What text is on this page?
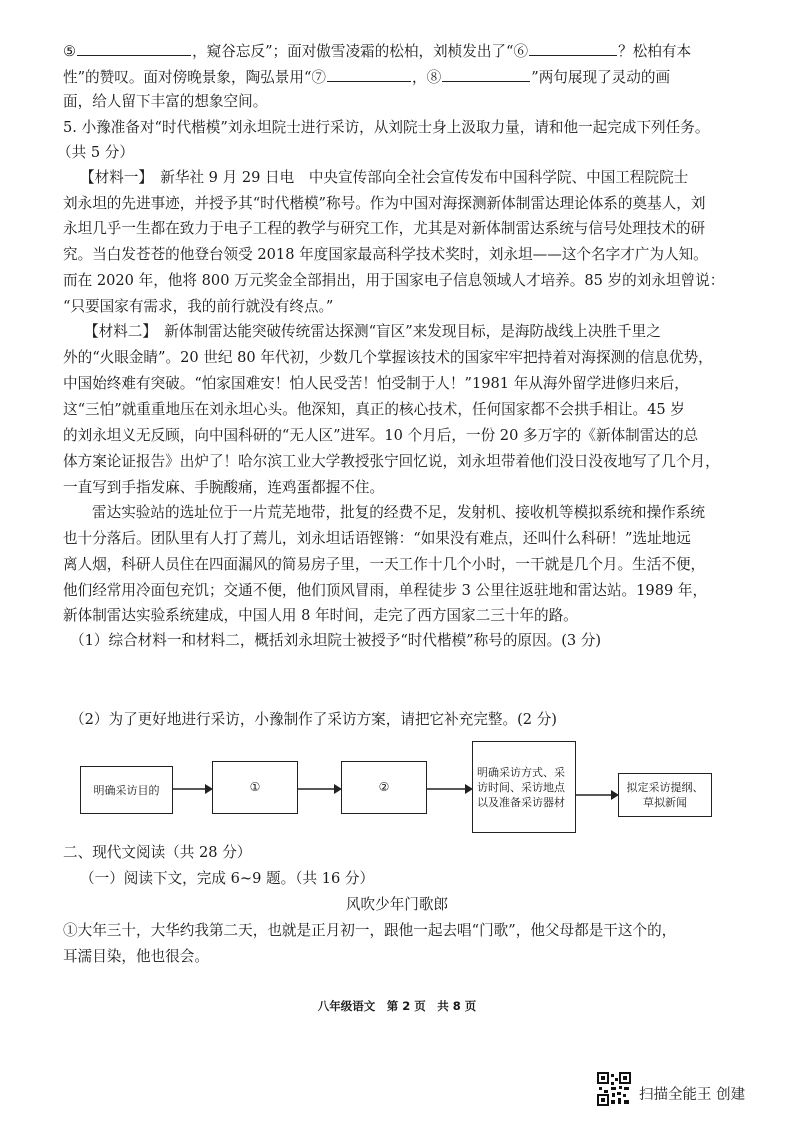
⑤	，窥谷忘反”；面对傲雪凌霜的松柏，刘桢发出了“⑥	？松柏有本
性”的赞叹。面对傍晚景象，陶弘景用“⑦	，⑧	”两句展现了灵动的画
面，给人留下丰富的想象空间。
5. 小豫准备对“时代楷模”刘永坦院士进行采访，从刘院士身上汲取力量，请和他一起完成下列任务。
（共 5 分）
【材料一】　新华社 9 月 29 日电　中央宣传部向全社会宣传发布中国科学院、中国工程院院士
刘永坦的先进事迹，并授予其“时代楷模”称号。作为中国对海探测新体制雷达理论体系的奠基人，刘
永坦几乎一生都在致力于电子工程的教学与研究工作，尤其是对新体制雷达系统与信号处理技术的研
究。当白发苍苍的他登台领受 2018 年度国家最高科学技术奖时，刘永坦——这个名字才广为人知。
而在 2020 年，他将 800 万元奖金全部捐出，用于国家电子信息领域人才培养。85 岁的刘永坦曾说：
“只要国家有需求，我的前行就没有终点。”
【材料二】　新体制雷达能突破传统雷达探测“盲区”来发现目标，是海防战线上决胜千里之
外的“火眼金睛”。20 世纪 80 年代初，少数几个掌握该技术的国家牢牢把持着对海探测的信息优势，
中国始终难有突破。“怕家国难安！怕人民受苦！怕受制于人！”1981 年从海外留学进修归来后，
这“三怕”就重重地压在刘永坦心头。他深知，真正的核心技术，任何国家都不会拱手相让。45 岁
的刘永坦义无反顾，向中国科研的“无人区”进军。10 个月后，一份 20 多万字的《新体制雷达的总
体方案论证报告》出炉了！哈尔滨工业大学教授张宁回忆说，刘永坦带着他们没日没夜地写了几个月，
一直写到手指发麻、手腕酸痛，连鸡蛋都握不住。
雷达实验站的选址位于一片荒芜地带，批复的经费不足，发射机、接收机等模拟系统和操作系统
也十分落后。团队里有人打了蔫儿，刘永坦话语铿锵：“如果没有难点，还叫什么科研！”选址地远
离人烟，科研人员住在四面漏风的简易房子里，一天工作十几个小时，一干就是几个月。生活不便，
他们经常用冷面包充饥；交通不便，他们顶风冒雨，单程徒步 3 公里往返驻地和雷达站。1989 年，
新体制雷达实验系统建成，中国人用 8 年时间，走完了西方国家二三十年的路。
（1）综合材料一和材料二，概括刘永坦院士被授予“时代楷模”称号的原因。(3 分)
（2）为了更好地进行采访，小豫制作了采访方案，请把它补充完整。(2 分)
明确采访目的	①	②
明确采访方式、采访时间、采访地点以及准备采访器材
拟定采访提纲、草拟新闻
二、现代文阅读（共 28 分）
（一）阅读下文，完成 6~9 题。（共 16 分）
风吹少年门歌郎
①大年三十，大华约我第二天，也就是正月初一，跟他一起去唱“门歌”，他父母都是干这个的，
耳濡目染，他也很会。
八年级语文　第 2 页　共 8 页
扫描全能王 创建
